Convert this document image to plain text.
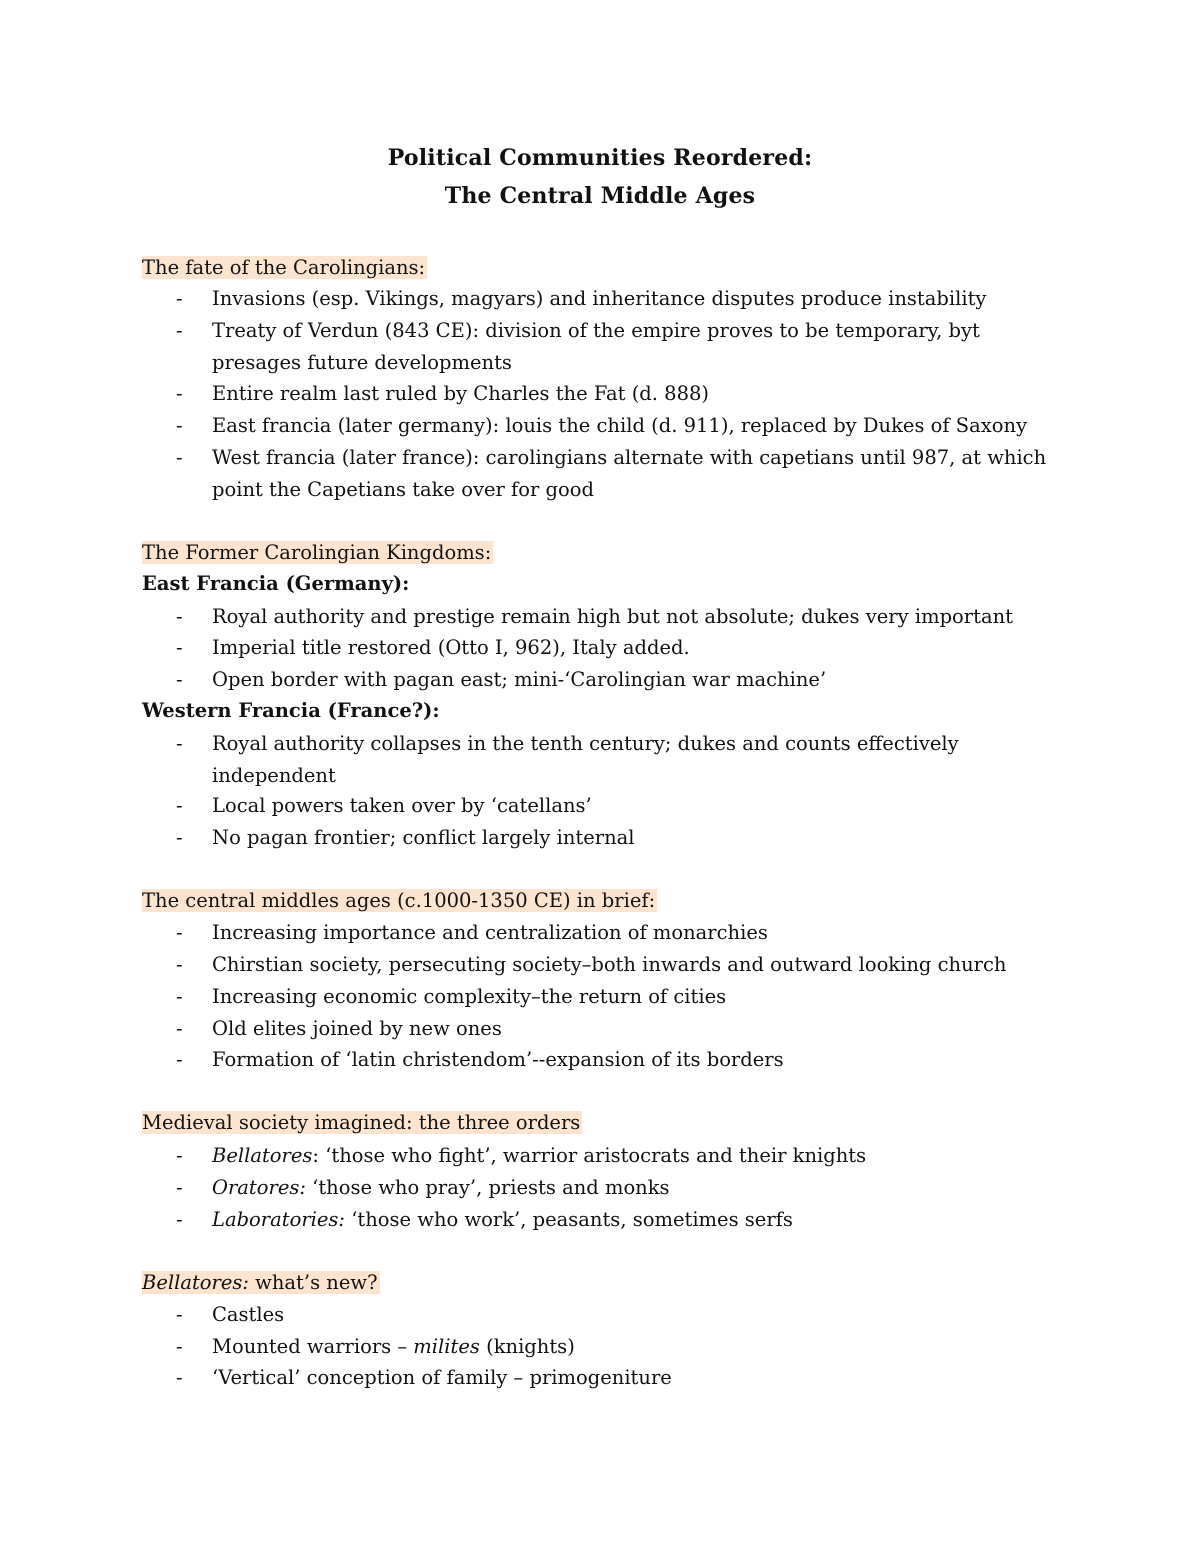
Political Communities Reordered:
The Central Middle Ages
The fate of the Carolingians:
- Invasions (esp. Vikings, magyars) and inheritance disputes produce instability
- Treaty of Verdun (843 CE): division of the empire proves to be temporary, byt presages future developments
- Entire realm last ruled by Charles the Fat (d. 888)
- East francia (later germany): louis the child (d. 911), replaced by Dukes of Saxony
- West francia (later france): carolingians alternate with capetians until 987, at which point the Capetians take over for good
The Former Carolingian Kingdoms:
East Francia (Germany):
- Royal authority and prestige remain high but not absolute; dukes very important
- Imperial title restored (Otto I, 962), Italy added.
- Open border with pagan east; mini-‘Carolingian war machine’
Western Francia (France?):
- Royal authority collapses in the tenth century; dukes and counts effectively independent
- Local powers taken over by ‘catellans’
- No pagan frontier; conflict largely internal
The central middles ages (c.1000-1350 CE) in brief:
- Increasing importance and centralization of monarchies
- Chirstian society, persecuting society–both inwards and outward looking church
- Increasing economic complexity–the return of cities
- Old elites joined by new ones
- Formation of ‘latin christendom’--expansion of its borders
Medieval society imagined: the three orders
- Bellatores: ‘those who fight’, warrior aristocrats and their knights
- Oratores: ‘those who pray’, priests and monks
- Laboratories: ‘those who work’, peasants, sometimes serfs
Bellatores: what’s new?
- Castles
- Mounted warriors – milites (knights)
- ‘Vertical’ conception of family – primogeniture
